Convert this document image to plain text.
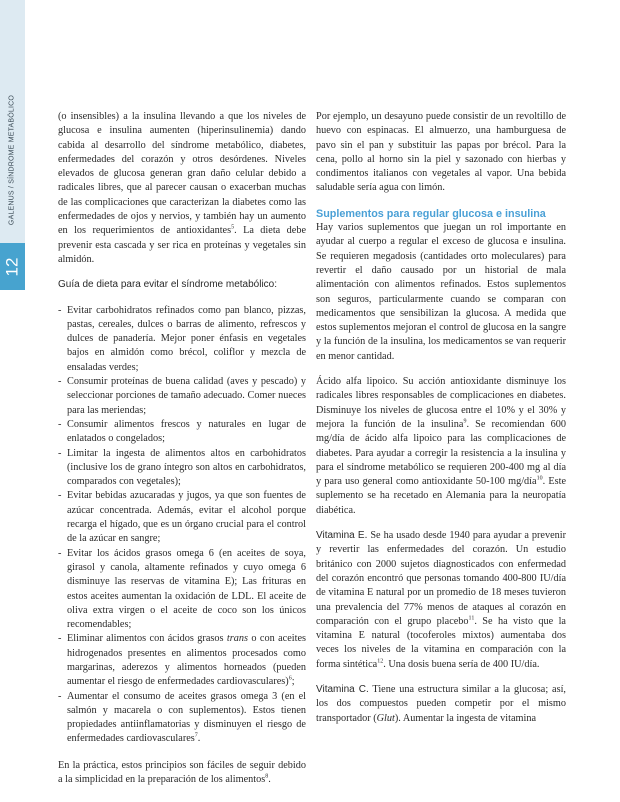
GALENUS / SÍNDROME METABÓLICO
12

(o insensibles) a la insulina llevando a que los niveles de glucosa e insulina aumenten (hiperinsulinemia) dando cabida al desarrollo del síndrome metabólico, diabetes, enfermedades del corazón y otros desórdenes. Niveles elevados de glucosa generan gran daño celular debido a radicales libres, que al parecer causan o exacerban muchas de las complicaciones que caracterizan la diabetes como las enfermedades de ojos y nervios, y también hay un aumento en los requerimientos de antioxidantes$^5$. La dieta debe prevenir esta cascada y ser rica en proteínas y vegetales sin almidón.

Guía de dieta para evitar el síndrome metabólico:

- Evitar carbohidratos refinados como pan blanco, pizzas, pastas, cereales, dulces o barras de alimento, refrescos y dulces de panadería. Mejor poner énfasis en vegetales bajos en almidón como brécol, coliflor y mezcla de ensaladas verdes;
- Consumir proteínas de buena calidad (aves y pescado) y seleccionar porciones de tamaño adecuado. Comer nueces para las meriendas;
- Consumir alimentos frescos y naturales en lugar de enlatados o congelados;
- Limitar la ingesta de alimentos altos en carbohidratos (inclusive los de grano íntegro son altos en carbohidratos, comparados con vegetales);
- Evitar bebidas azucaradas y jugos, ya que son fuentes de azúcar concentrada. Además, evitar el alcohol porque recarga el hígado, que es un órgano crucial para el control de la azúcar en sangre;
- Evitar los ácidos grasos omega 6 (en aceites de soya, girasol y canola, altamente refinados y cuyo omega 6 disminuye las reservas de vitamina E); Las frituras en estos aceites aumentan la oxidación de LDL. El aceite de oliva extra virgen o el aceite de coco son los únicos recomendables;
- Eliminar alimentos con ácidos grasos trans o con aceites hidrogenados presentes en alimentos procesados como margarinas, aderezos y alimentos horneados (pueden aumentar el riesgo de enfermedades cardiovasculares)$^6$;
- Aumentar el consumo de aceites grasos omega 3 (en el salmón y macarela o con suplementos). Estos tienen propiedades antiinflamatorias y disminuyen el riesgo de enfermedades cardiovasculares$^7$.

En la práctica, estos principios son fáciles de seguir debido a la simplicidad en la preparación de los alimentos$^8$.

Por ejemplo, un desayuno puede consistir de un revoltillo de huevo con espinacas. El almuerzo, una hamburguesa de pavo sin el pan y substituir las papas por brécol. Para la cena, pollo al horno sin la piel y sazonado con hierbas y condimentos italianos con vegetales al vapor. Una bebida saludable sería agua con limón.

Suplementos para regular glucosa e insulina

Hay varios suplementos que juegan un rol importante en ayudar al cuerpo a regular el exceso de glucosa e insulina. Se requieren megadosis (cantidades orto moleculares) para revertir el daño causado por un historial de mala alimentación con alimentos refinados. Estos suplementos son seguros, particularmente cuando se comparan con medicamentos que sensibilizan la glucosa. A medida que estos suplementos mejoran el control de glucosa en la sangre y la función de la insulina, los medicamentos se van requerir en menor cantidad.

Ácido alfa lipoico. Su acción antioxidante disminuye los radicales libres responsables de complicaciones en diabetes. Disminuye los niveles de glucosa entre el 10% y el 30% y mejora la función de la insulina$^9$. Se recomiendan 600 mg/día de ácido alfa lipoico para las complicaciones de diabetes. Para ayudar a corregir la resistencia a la insulina y para el síndrome metabólico se requieren 200-400 mg al día y para uso general como antioxidante 50-100 mg/día$^{10}$. Este suplemento se ha recetado en Alemania para la neuropatía diabética.

Vitamina E. Se ha usado desde 1940 para ayudar a prevenir y revertir las enfermedades del corazón. Un estudio británico con 2000 sujetos diagnosticados con enfermedad del corazón encontró que personas tomando 400-800 IU/día de vitamina E natural por un promedio de 18 meses tuvieron una prevalencia del 77% menos de ataques al corazón en comparación con el grupo placebo$^{11}$. Se ha visto que la vitamina E natural (tocoferoles mixtos) aumentaba dos veces los niveles de la vitamina en comparación con la forma sintética$^{12}$. Una dosis buena sería de 400 IU/día.

Vitamina C. Tiene una estructura similar a la glucosa; así, los dos compuestos pueden competir por el mismo transportador (Glut). Aumentar la ingesta de vitamina
